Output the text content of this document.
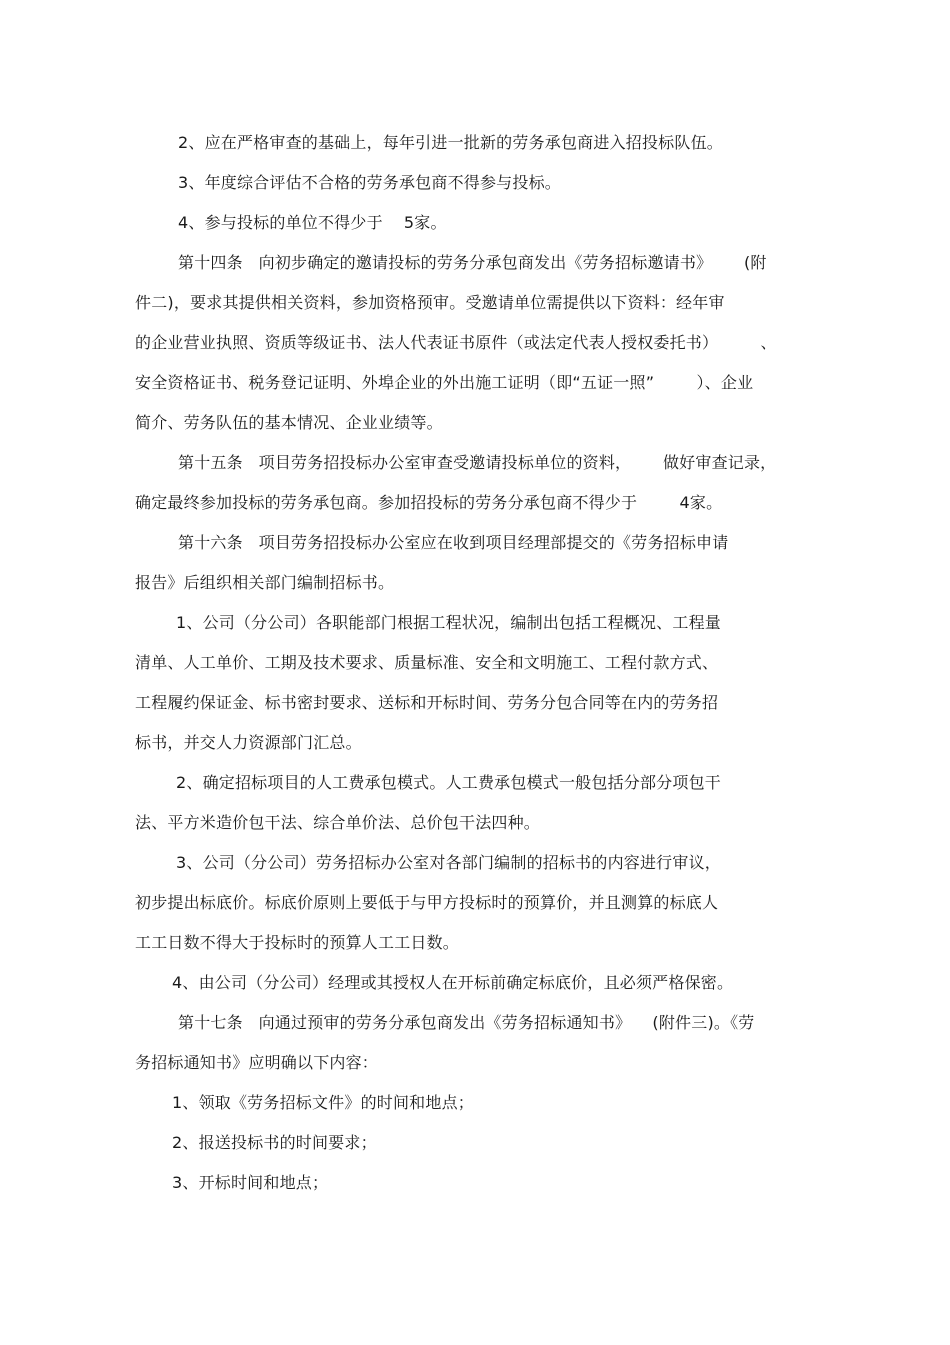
2、应在严格审查的基础上，每年引进一批新的劳务承包商进入招投标队伍。
3、年度综合评估不合格的劳务承包商不得参与投标。
4、参与投标的单位不得少于    5家。
第十四条   向初步确定的邀请投标的劳务分承包商发出《劳务招标邀请书》      (附
件二)，要求其提供相关资料，参加资格预审。受邀请单位需提供以下资料：经年审
的企业营业执照、资质等级证书、法人代表证书原件（或法定代表人授权委托书）        、
安全资格证书、税务登记证明、外埠企业的外出施工证明（即“五证一照”        ）、企业
简介、劳务队伍的基本情况、企业业绩等。
第十五条   项目劳务招投标办公室审查受邀请投标单位的资料，      做好审查记录，
确定最终参加投标的劳务承包商。参加招投标的劳务分承包商不得少于        4家。
第十六条   项目劳务招投标办公室应在收到项目经理部提交的《劳务招标申请
报告》后组织相关部门编制招标书。
1、公司（分公司）各职能部门根据工程状况，编制出包括工程概况、工程量
清单、人工单价、工期及技术要求、质量标准、安全和文明施工、工程付款方式、
工程履约保证金、标书密封要求、送标和开标时间、劳务分包合同等在内的劳务招
标书，并交人力资源部门汇总。
2、确定招标项目的人工费承包模式。人工费承包模式一般包括分部分项包干
法、平方米造价包干法、综合单价法、总价包干法四种。
3、公司（分公司）劳务招标办公室对各部门编制的招标书的内容进行审议，
初步提出标底价。标底价原则上要低于与甲方投标时的预算价，并且测算的标底人
工工日数不得大于投标时的预算人工工日数。
4、由公司（分公司）经理或其授权人在开标前确定标底价，且必须严格保密。
第十七条   向通过预审的劳务分承包商发出《劳务招标通知书》    (附件三)。《劳
务招标通知书》应明确以下内容：
1、领取《劳务招标文件》的时间和地点；
2、报送投标书的时间要求；
3、开标时间和地点；
